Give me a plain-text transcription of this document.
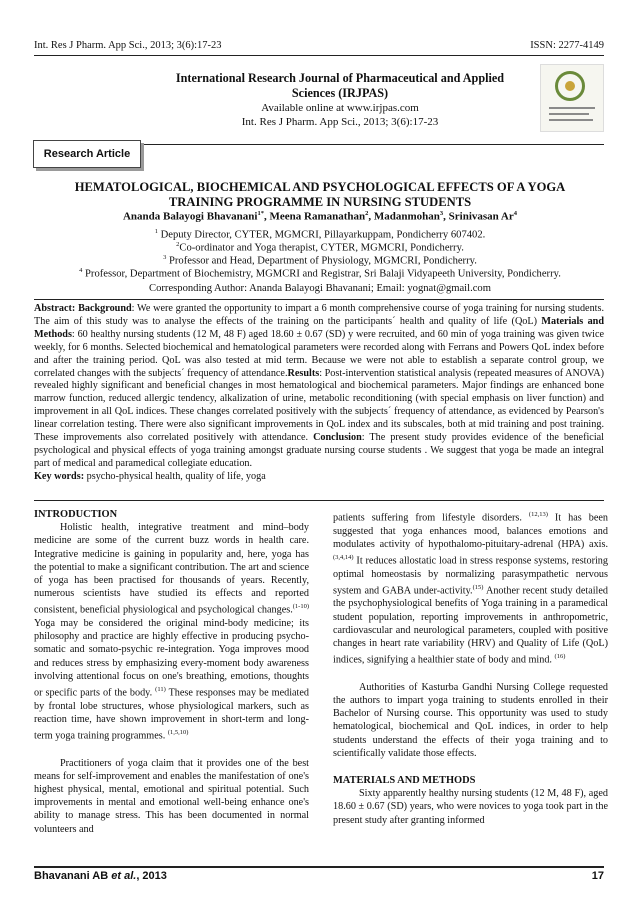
Int. Res J Pharm. App Sci., 2013; 3(6):17-23	ISSN: 2277-4149
International Research Journal of Pharmaceutical and Applied
Sciences (IRJPAS)
Available online at www.irjpas.com
Int. Res J Pharm. App Sci., 2013; 3(6):17-23
Research Article
HEMATOLOGICAL, BIOCHEMICAL AND PSYCHOLOGICAL EFFECTS OF A YOGA
TRAINING PROGRAMME IN NURSING STUDENTS
Ananda Balayogi Bhavanani$^{1*}$, Meena Ramanathan$^2$, Madanmohan$^3$, Srinivasan Ar$^4$
$^1$ Deputy Director, CYTER, MGMCRI, Pillayarkuppam, Pondicherry 607402.
$^2$Co-ordinator and Yoga therapist, CYTER, MGMCRI, Pondicherry.
$^3$ Professor and Head, Department of Physiology, MGMCRI, Pondicherry.
$^4$ Professor, Department of Biochemistry, MGMCRI and Registrar, Sri Balaji Vidyapeeth University, Pondicherry.
Corresponding Author: Ananda Balayogi Bhavanani; Email: yognat@gmail.com
Abstract: Background: We were granted the opportunity to impart a 6 month comprehensive course of yoga training for nursing students. The aim of this study was to analyse the effects of the training on the participants´ health and quality of life (QoL) Materials and Methods: 60 healthy nursing students (12 M, 48 F) aged 18.60 ± 0.67 (SD) y were recruited, and 60 min of yoga training was given twice weekly, for 6 months. Selected biochemical and hematological parameters were recorded along with Ferrans and Powers QoL index before and after the training period. QoL was also tested at mid term. Because we were not able to establish a separate control group, we correlated changes with the subjects´ frequency of attendance.Results: Post-intervention statistical analysis (repeated measures of ANOVA) revealed highly significant and beneficial changes in most hematological and biochemical parameters. Major findings are enhanced bone marrow function, reduced allergic tendency, alkalization of urine, metabolic reconditioning (with special emphasis on liver function) and improvement in all QoL indices. These changes correlated positively with the subjects´ frequency of attendance, as evidenced by Pearson's linear correlation testing. There were also significant improvements in QoL index and its subscales, both at mid training and post training. These improvements also correlated positively with attendance. Conclusion: The present study provides evidence of the beneficial psychological and physical effects of yoga training amongst graduate nursing course students . We suggest that yoga be made an integral part of medical and paramedical collegiate education.
Key words: psycho-physical health, quality of life, yoga
INTRODUCTION

Holistic health, integrative treatment and mind–body medicine are some of the current buzz words in health care. Integrative medicine is gaining in popularity and, here, yoga has the potential to make a significant contribution. The art and science of yoga has been practised for thousands of years. Recently, numerous scientists have studied its effects and reported consistent, beneficial physiological and psychological changes.$^{(1-10)}$ Yoga may be considered the original mind-body medicine; its philosophy and practice are highly effective in producing psycho-somatic and somato-psychic re-integration. Yoga improves mood and reduces stress by emphasizing every-moment body awareness involving attentional focus on one's breathing, emotions, thoughts or specific parts of the body. $^{(11)}$ These responses may be mediated by frontal lobe structures, whose physiological markers, such as reaction time, have shown improvement in short-term and long-term yoga training programmes. $^{(1,5,10)}$

Practitioners of yoga claim that it provides one of the best means for self-improvement and enables the manifestation of one's highest physical, mental, emotional and spiritual potential. Such improvements in mental and emotional well-being enhance one's ability to manage stress. This has been documented in normal volunteers and

patients suffering from lifestyle disorders. $^{(12,13)}$ It has been suggested that yoga enhances mood, balances emotions and modulates activity of hypothalomo-pituitary-adrenal (HPA) axis. $^{(3,4,14)}$ It reduces allostatic load in stress response systems, restoring optimal homeostasis by normalizing parasympathetic nervous system and GABA under-activity.$^{(15)}$ Another recent study detailed the psychophysiological benefits of Yoga training in a paramedical student population, reporting improvements in anthropometric, cardiovascular and neurological parameters, coupled with positive changes in heart rate variability (HRV) and Quality of Life (QoL) indices, signifying a healthier state of body and mind. $^{(16)}$

Authorities of Kasturba Gandhi Nursing College requested the authors to impart yoga training to students enrolled in their Bachelor of Nursing course. This opportunity was used to study hematological, biochemical and QoL indices, in order to help students understand the effects of their yoga training and to scientifically validate those effects.

MATERIALS AND METHODS

Sixty apparently healthy nursing students (12 M, 48 F), aged 18.60 ± 0.67 (SD) years, who were novices to yoga took part in the present study after granting informed

Bhavanani AB et al., 2013	17
